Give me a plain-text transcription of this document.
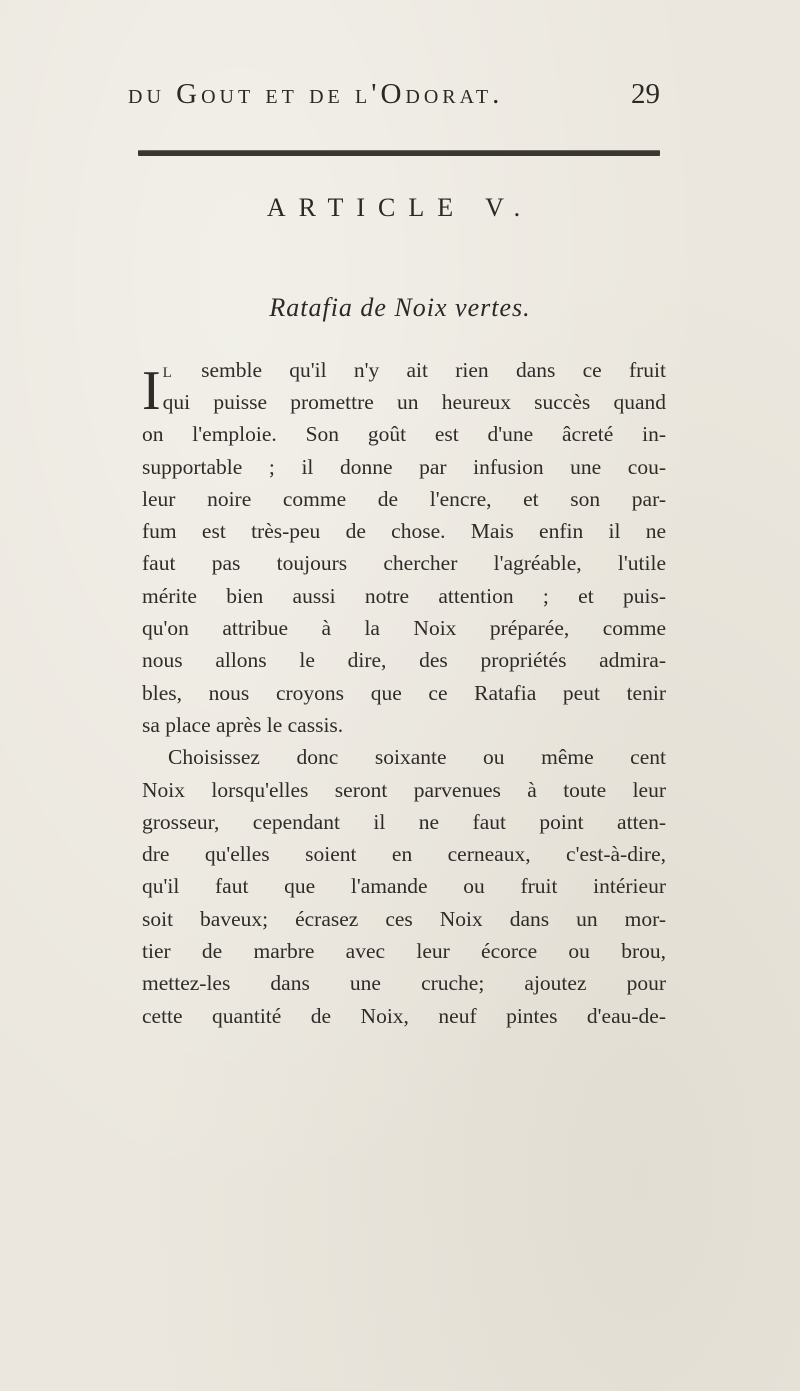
du Gout et de l'Odorat.	29
ARTICLE V.
Ratafia de Noix vertes.
I L semble qu'il n'y ait rien dans ce fruit
qui puisse promettre un heureux succès quand
on l'emploie. Son goût est d'une âcreté in-
supportable ; il donne par infusion une cou-
leur noire comme de l'encre, et son par-
fum est très-peu de chose. Mais enfin il ne
faut pas toujours chercher l'agréable, l'utile
mérite bien aussi notre attention ; et puis-
qu'on attribue à la Noix préparée, comme
nous allons le dire, des propriétés admira-
bles, nous croyons que ce Ratafia peut tenir
sa place après le cassis.
Choisissez donc soixante ou même cent
Noix lorsqu'elles seront parvenues à toute leur
grosseur, cependant il ne faut point atten-
dre qu'elles soient en cerneaux, c'est-à-dire,
qu'il faut que l'amande ou fruit intérieur
soit baveux; écrasez ces Noix dans un mor-
tier de marbre avec leur écorce ou brou,
mettez-les dans une cruche; ajoutez pour
cette quantité de Noix, neuf pintes d'eau-de-
